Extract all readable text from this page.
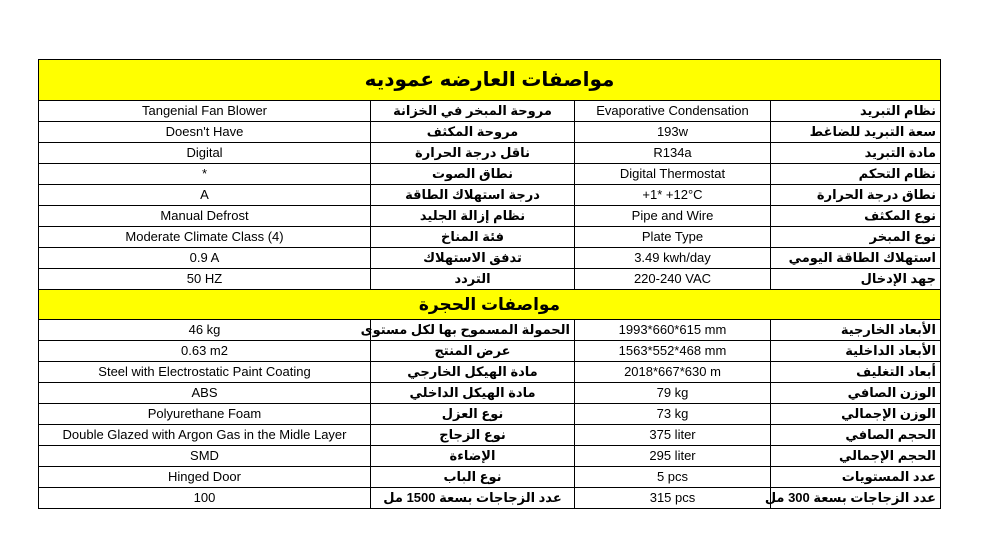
مواصفات العارضه عموديه			
Tangenial Fan Blower	مروحة المبخر في الخزانة	Evaporative Condensation	نظام التبريد
Doesn't Have	مروحة المكثف	193w	سعة التبريد للضاغط
Digital	ناقل درجة الحرارة	R134a	مادة التبريد
*	نطاق الصوت	Digital Thermostat	نظام التحكم
A	درجة استهلاك الطاقة	+1* +12°C	نطاق درجة الحرارة
Manual Defrost	نظام إزالة الجليد	Pipe and Wire	نوع المكثف
Moderate Climate Class (4)	فئة المناخ	Plate Type	نوع المبخر
0.9 A	تدفق الاستهلاك	3.49 kwh/day	استهلاك الطاقة اليومي
50 HZ	التردد	220-240 VAC	جهد الإدخال
مواصفات الحجرة			
46 kg	الحمولة المسموح بها لكل مستوى	1993*660*615 mm	الأبعاد الخارجية
0.63 m2	عرض المنتج	1563*552*468 mm	الأبعاد الداخلية
Steel with Electrostatic Paint Coating	مادة الهيكل الخارجي	2018*667*630 m	أبعاد التغليف
ABS	مادة الهيكل الداخلي	79 kg	الوزن الصافي
Polyurethane Foam	نوع العزل	73 kg	الوزن الإجمالي
Double Glazed with Argon Gas in the Midle Layer	نوع الزجاج	375 liter	الحجم الصافي
SMD	الإضاءة	295 liter	الحجم الإجمالي
Hinged Door	نوع الباب	5 pcs	عدد المستويات
100	عدد الزجاجات بسعة 1500 مل	315 pcs	عدد الزجاجات بسعة 300 مل
